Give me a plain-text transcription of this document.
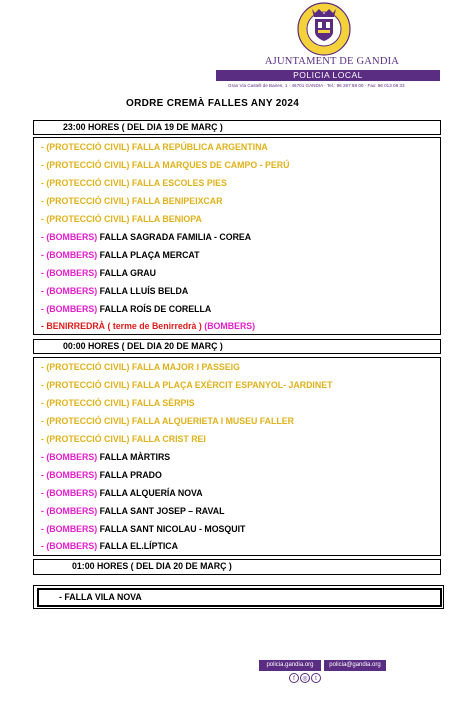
AJUNTAMENT DE GANDIA
POLICIA LOCAL
Gran Via Castell de Bairen, 1 · 46701 GANDIA · Tel.: 96 287 88 00 · Fax: 96 013 08 33
ORDRE CREMÀ FALLES ANY 2024
23:00 HORES ( DEL DIA 19 DE MARÇ )
- (PROTECCIÓ CIVIL) FALLA REPÚBLICA ARGENTINA
- (PROTECCIÓ CIVIL) FALLA MARQUES DE CAMPO - PERÚ
- (PROTECCIÓ CIVIL) FALLA ESCOLES PIES
- (PROTECCIÓ CIVIL) FALLA BENIPEIXCAR
- (PROTECCIÓ CIVIL) FALLA BENIOPA
- (BOMBERS) FALLA SAGRADA FAMILIA - COREA
- (BOMBERS) FALLA PLAÇA MERCAT
- (BOMBERS) FALLA GRAU
- (BOMBERS) FALLA LLUÍS BELDA
- (BOMBERS) FALLA ROÍS DE CORELLA
- BENIRREDRÀ ( terme de Benirredrà ) (BOMBERS)
00:00 HORES ( DEL DIA 20 DE MARÇ )
- (PROTECCIÓ CIVIL) FALLA MAJOR I PASSEIG
- (PROTECCIÓ CIVIL) FALLA PLAÇA EXÈRCIT ESPANYOL- JARDINET
- (PROTECCIÓ CIVIL) FALLA SÈRPIS
- (PROTECCIÓ CIVIL) FALLA ALQUERIETA I MUSEU FALLER
- (PROTECCIÓ CIVIL) FALLA CRIST REI
- (BOMBERS) FALLA MÀRTIRS
- (BOMBERS) FALLA PRADO
- (BOMBERS) FALLA ALQUERÍA NOVA
- (BOMBERS) FALLA SANT JOSEP – RAVAL
- (BOMBERS) FALLA SANT NICOLAU - MOSQUIT
- (BOMBERS) FALLA EL.LÍPTICA
01:00 HORES ( DEL DIA 20 DE MARÇ )
- FALLA VILA NOVA
policia.gandia.org	policia@gandia.org
f	◎	t
